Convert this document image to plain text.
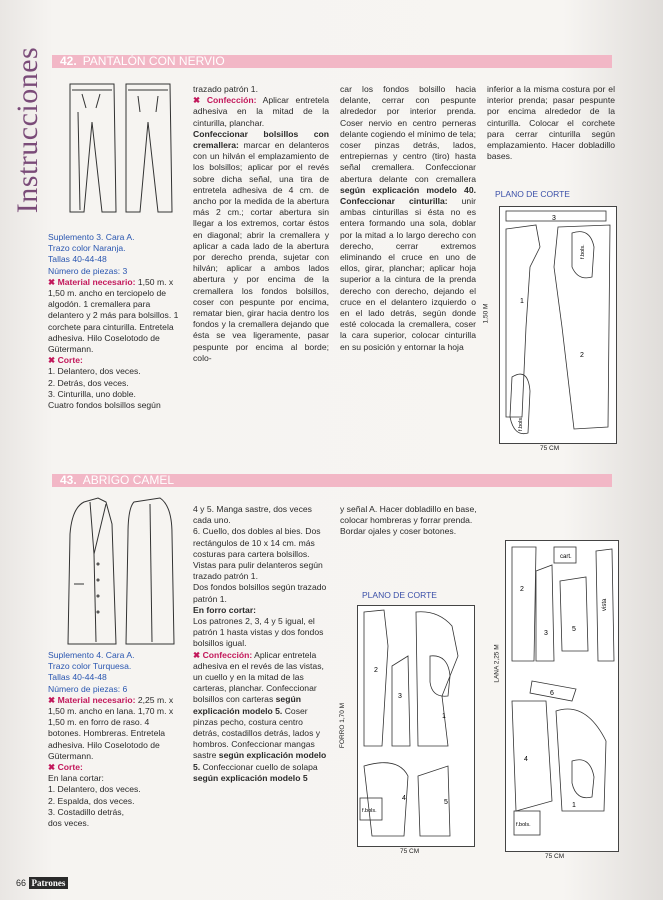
Instrucciones 42. PANTALÓN CON NERVIO

Suplemento 3. Cara A.

Trazo color Naranja.

Tallas 40-44-48

Número de piezas: 3

✖ Material necesario: 1,50 m. x 1,50 m. ancho en terciopelo de algodón. 1 cremallera para delantero y 2 más para bolsillos. 1 corchete para cinturilla. Entretela adhesiva. Hilo Coselotodo de Gütermann.

✖ Corte:

1. Delantero, dos veces.

2. Detrás, dos veces.

3. Cinturilla, uno doble.

Cuatro fondos bolsillos según

trazado patrón 1.

✖ Confección: Aplicar entretela adhesiva en la mitad de la cinturilla, planchar.

Confeccionar bolsillos con cremallera: marcar en delanteros con un hilván el emplazamiento de los bolsillos; aplicar por el revés sobre dicha señal, una tira de entretela adhesiva de 4 cm. de ancho por la medida de la abertura más 2 cm.; cortar abertura sin llegar a los extremos, cortar éstos en diagonal; abrir la cremallera y aplicar a cada lado de la abertura por derecho prenda, sujetar con hilván; aplicar a ambos lados abertura y por encima de la cremallera los fondos bolsillos, coser con pespunte por encima, rematar bien, girar hacia dentro los fondos y la cremallera dejando que ésta se vea ligeramente, pasar pespunte por encima al borde; colo-

car los fondos bolsillo hacia delante, cerrar con pespunte alrededor por interior prenda. Coser nervio en centro perneras delante cogiendo el mínimo de tela; coser pinzas detrás, lados, entrepiernas y centro (tiro) hasta señal cremallera. Confeccionar abertura delante con cremallera según explicación modelo 40. Confeccionar cinturilla: unir ambas cinturillas si ésta no es entera formando una sola, doblar por la mitad a lo largo derecho con derecho, cerrar extremos eliminando el cruce en uno de ellos, girar, planchar; aplicar hoja superior a la cintura de la prenda derecho con derecho, dejando el cruce en el delantero izquierdo o en el lado detrás, según donde esté colocada la cremallera, coser la cara superior, colocar cinturilla en su posición y entornar la hoja

inferior a la misma costura por el interior prenda; pasar pespunte por encima alrededor de la cinturilla. Colocar el corchete para cerrar cinturilla según emplazamiento. Hacer dobladillo bases.

PLANO DE CORTE
3
1
2
f.bols.
f.bols.
1,50 M
75 CM
43. ABRIGO CAMEL

Suplemento 4. Cara A.

Trazo color Turquesa.

Tallas 40-44-48

Número de piezas: 6

✖ Material necesario: 2,25 m. x 1,50 m. ancho en lana. 1,70 m. x 1,50 m. en forro de raso. 4 botones. Hombreras. Entretela adhesiva. Hilo Coselotodo de Gütermann.

✖ Corte:

En lana cortar:

1. Delantero, dos veces.

2. Espalda, dos veces.

3. Costadillo detrás,

dos veces.

4 y 5. Manga sastre, dos veces cada uno.

6. Cuello, dos dobles al bies. Dos rectángulos de 10 x 14 cm. más costuras para cartera bolsillos.

Vistas para pulir delanteros según trazado patrón 1.

Dos fondos bolsillos según trazado patrón 1.

En forro cortar:

Los patrones 2, 3, 4 y 5 igual, el patrón 1 hasta vistas y dos fondos bolsillos igual.

✖ Confección: Aplicar entretela adhesiva en el revés de las vistas, un cuello y en la mitad de las carteras, planchar. Confeccionar bolsillos con carteras según explicación modelo 5. Coser pinzas pecho, costura centro detrás, costadillos detrás, lados y hombros. Confeccionar mangas sastre según explicación modelo 5. Confeccionar cuello de solapa según explicación modelo 5

y señal A. Hacer dobladillo en base, colocar hombreras y forrar prenda. Bordar ojales y coser botones.

PLANO DE CORTE
2
3
1
4
5
f.bols.
FORRO 1,70 M
75 CM
cart.
vista
2
3
5
6
4
1
f.bols.
LANA 2,25 M
75 CM
66 Patrones
